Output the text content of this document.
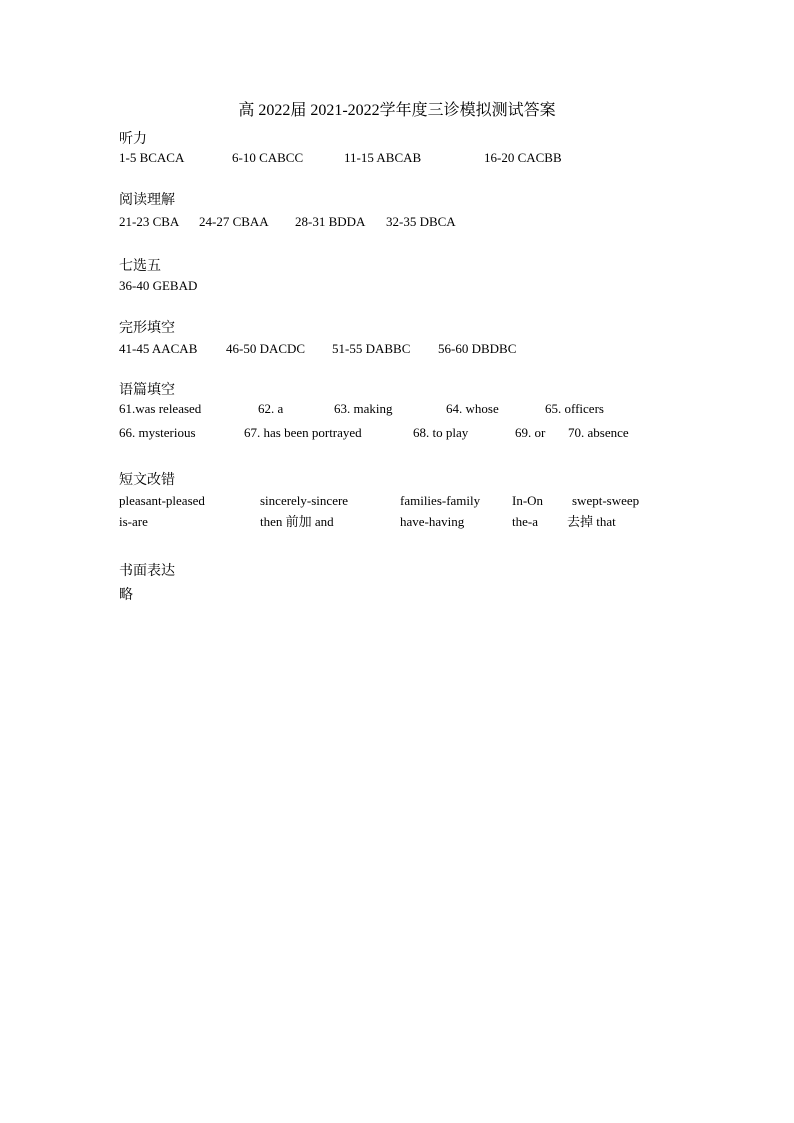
高 2022届 2021-2022学年度三诊模拟测试答案
听力
1-5 BCACA	6-10 CABCC	11-15 ABCAB	16-20 CACBB
阅读理解
21-23 CBA 24-27 CBAA 28-31 BDDA 32-35 DBCA
七选五
36-40 GEBAD
完形填空
41-45 AACAB 46-50 DACDC 51-55 DABBC 56-60 DBDBC
语篇填空
61.was released	62. a	63. making	64. whose	65. officers
66. mysterious	67. has been portrayed	68. to play	69. or 70. absence
短文改错
pleasant-pleased	sincerely-sincere	families-family In-On swept-sweep
is-are	then 前加 and	have-having	the-a 去掉 that
书面表达
略
